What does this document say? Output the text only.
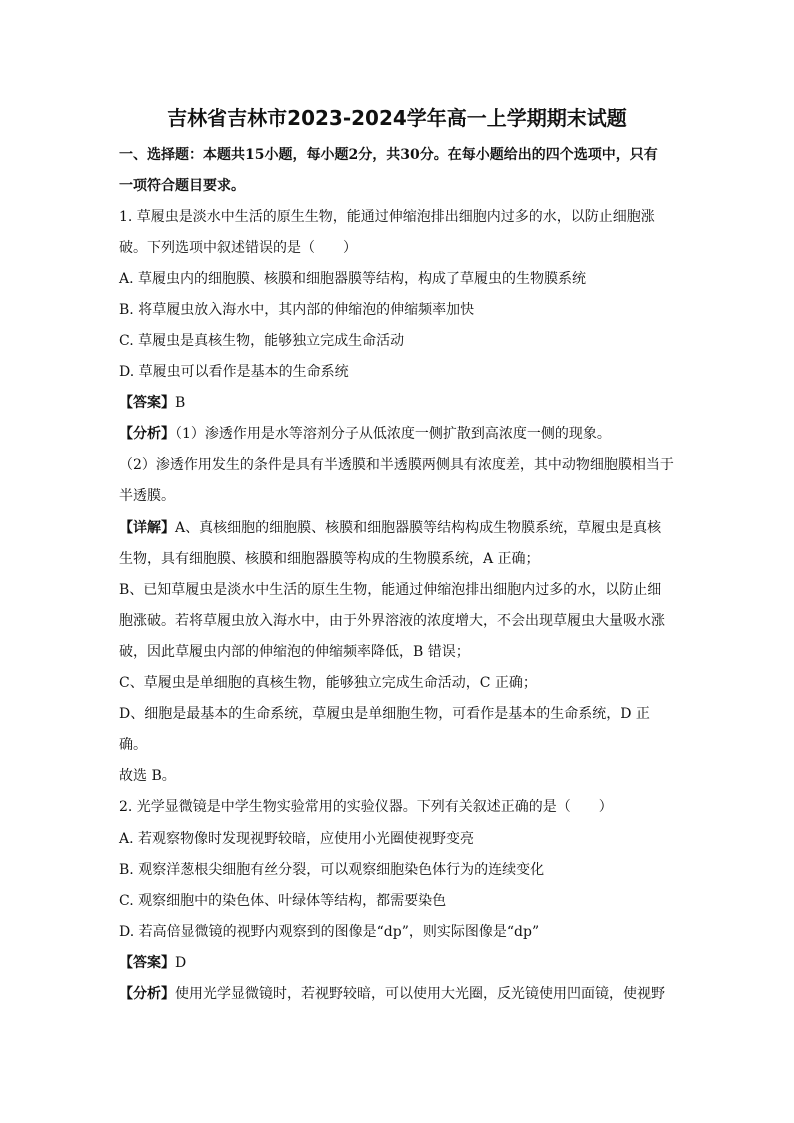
吉林省吉林市2023-2024学年高一上学期期末试题
一、选择题：本题共15小题，每小题2分，共30分。在每小题给出的四个选项中，只有
一项符合题目要求。
1. 草履虫是淡水中生活的原生生物，能通过伸缩泡排出细胞内过多的水，以防止细胞涨
破。下列选项中叙述错误的是（　　）
A. 草履虫内的细胞膜、核膜和细胞器膜等结构，构成了草履虫的生物膜系统
B. 将草履虫放入海水中，其内部的伸缩泡的伸缩频率加快
C. 草履虫是真核生物，能够独立完成生命活动
D. 草履虫可以看作是基本的生命系统
【答案】B
【分析】（1）渗透作用是水等溶剂分子从低浓度一侧扩散到高浓度一侧的现象。
（2）渗透作用发生的条件是具有半透膜和半透膜两侧具有浓度差，其中动物细胞膜相当于
半透膜。
【详解】A、真核细胞的细胞膜、核膜和细胞器膜等结构构成生物膜系统，草履虫是真核
生物，具有细胞膜、核膜和细胞器膜等构成的生物膜系统，A 正确；
B、已知草履虫是淡水中生活的原生生物，能通过伸缩泡排出细胞内过多的水，以防止细
胞涨破。若将草履虫放入海水中，由于外界溶液的浓度增大，不会出现草履虫大量吸水涨
破，因此草履虫内部的伸缩泡的伸缩频率降低，B 错误；
C、草履虫是单细胞的真核生物，能够独立完成生命活动，C 正确；
D、细胞是最基本的生命系统，草履虫是单细胞生物，可看作是基本的生命系统，D 正
确。
故选 B。
2. 光学显微镜是中学生物实验常用的实验仪器。下列有关叙述正确的是（　　）
A. 若观察物像时发现视野较暗，应使用小光圈使视野变亮
B. 观察洋葱根尖细胞有丝分裂，可以观察细胞染色体行为的连续变化
C. 观察细胞中的染色体、叶绿体等结构，都需要染色
D. 若高倍显微镜的视野内观察到的图像是“dp”，则实际图像是“dp”
【答案】D
【分析】使用光学显微镜时，若视野较暗，可以使用大光圈，反光镜使用凹面镜，使视野
